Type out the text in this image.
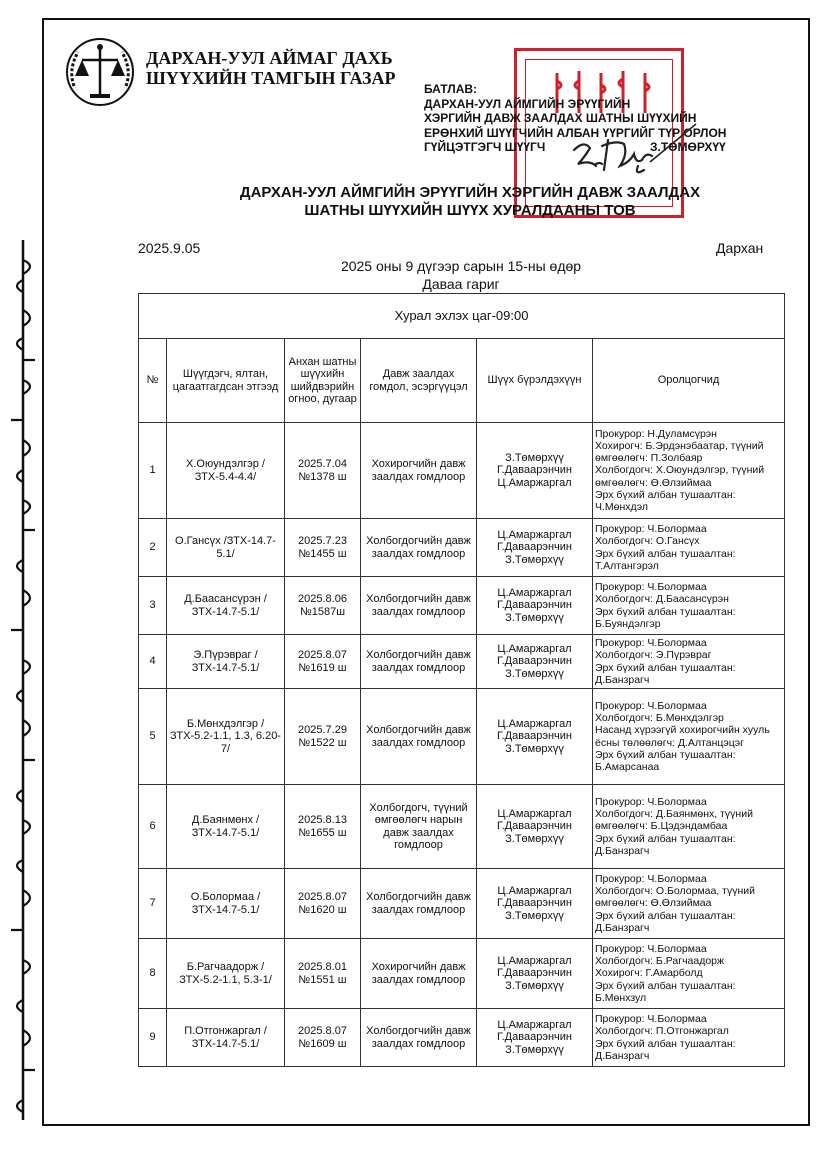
ДАРХАН-УУЛ АЙМАГ ДАХЬ
ШҮҮХИЙН ТАМГЫН ГАЗАР
БАТЛАВ:
ДАРХАН-УУЛ АЙМГИЙН ЭРҮҮГИЙН
ХЭРГИЙН ДАВЖ ЗААЛДАХ ШАТНЫ ШҮҮХИЙН
ЕРӨНХИЙ ШҮҮГЧИЙН АЛБАН ҮҮРГИЙГ ТҮР ОРЛОН
ГҮЙЦЭТГЭГЧ ШҮҮГЧ	З.ТӨМӨРХҮҮ
ДАРХАН-УУЛ АЙМГИЙН ЭРҮҮГИЙН ХЭРГИЙН ДАВЖ ЗААЛДАХ
ШАТНЫ ШҮҮХИЙН ШҮҮХ ХУРАЛДААНЫ ТОВ
2025.9.05	Дархан
2025 оны 9 дүгээр сарын 15-ны өдөр
Даваа гариг
Хурал эхлэх цаг-09:00					
№	Шүүгдэгч, ялтан, цагаатгагдсан этгээд	Анхан шатны шүүхийн шийдвэрийн огноо, дугаар	Давж заалдах гомдол, эсэргүүцэл	Шүүх бүрэлдэхүүн	Оролцогчид
1	Х.Оюундэлгэр /ЗТХ-5.4-4.4/	2025.7.04 №1378 ш	Хохирогчийн давж заалдах гомдлоор	З.Төмөрхүү Г.Даваарэнчин Ц.Амаржаргал	Прокурор: Н.Дуламсүрэн
Хохирогч: Б.Эрдэнэбаатар, түүний өмгөөлөгч: П.Золбаяр
Холбогдогч: Х.Оюундэлгэр, түүний өмгөөлөгч: Ө.Өлзиймаа
Эрх бүхий албан тушаалтан: Ч.Мөнхдэл

2	О.Гансүх /ЗТХ-14.7-5.1/	2025.7.23 №1455 ш	Холбогдогчийн давж заалдах гомдлоор	Ц.Амаржаргал Г.Даваарэнчин З.Төмөрхүү	Прокурор: Ч.Болормаа
Холбогдогч: О.Гансүх
Эрх бүхий албан тушаалтан: Т.Алтангэрэл

3	Д.Баасансүрэн /ЗТХ-14.7-5.1/	2025.8.06 №1587ш	Холбогдогчийн давж заалдах гомдлоор	Ц.Амаржаргал Г.Даваарэнчин З.Төмөрхүү	Прокурор: Ч.Болормаа
Холбогдогч: Д.Баасансүрэн
Эрх бүхий албан тушаалтан: Б.Буяндэлгэр

4	Э.Пүрэвраг /ЗТХ-14.7-5.1/	2025.8.07 №1619 ш	Холбогдогчийн давж заалдах гомдлоор	Ц.Амаржаргал Г.Даваарэнчин З.Төмөрхүү	Прокурор: Ч.Болормаа
Холбогдогч: Э.Пүрэвраг
Эрх бүхий албан тушаалтан: Д.Банзрагч

5	Б.Мөнхдэлгэр /ЗТХ-5.2-1.1, 1.3, 6.20-7/	2025.7.29 №1522 ш	Холбогдогчийн давж заалдах гомдлоор	Ц.Амаржаргал Г.Даваарэнчин З.Төмөрхүү	Прокурор: Ч.Болормаа
Холбогдогч: Б.Мөнхдэлгэр
Насанд хүрээгүй хохирогчийн хууль ёсны төлөөлөгч: Д.Алтанцэцэг
Эрх бүхий албан тушаалтан: Б.Амарсанаа

6	Д.Баянмөнх /ЗТХ-14.7-5.1/	2025.8.13 №1655 ш	Холбогдогч, түүний өмгөөлөгч нарын давж заалдах гомдлоор	Ц.Амаржаргал Г.Даваарэнчин З.Төмөрхүү	Прокурор: Ч.Болормаа
Холбогдогч: Д.Баянмөнх, түүний өмгөөлөгч: Б.Цэдэндамбаа
Эрх бүхий албан тушаалтан: Д.Банзрагч

7	О.Болормаа /ЗТХ-14.7-5.1/	2025.8.07 №1620 ш	Холбогдогчийн давж заалдах гомдлоор	Ц.Амаржаргал Г.Даваарэнчин З.Төмөрхүү	Прокурор: Ч.Болормаа
Холбогдогч: О.Болормаа, түүний өмгөөлөгч: Ө.Өлзиймаа
Эрх бүхий албан тушаалтан: Д.Банзрагч

8	Б.Рагчаадорж /ЗТХ-5.2-1.1, 5.3-1/	2025.8.01 №1551 ш	Хохирогчийн давж заалдах гомдлоор	Ц.Амаржаргал Г.Даваарэнчин З.Төмөрхүү	Прокурор: Ч.Болормаа
Холбогдогч: Б.Рагчаадорж
Хохирогч: Г.Амарболд
Эрх бүхий албан тушаалтан: Б.Мөнхзул

9	П.Отгонжаргал /ЗТХ-14.7-5.1/	2025.8.07 №1609 ш	Холбогдогчийн давж заалдах гомдлоор	Ц.Амаржаргал Г.Даваарэнчин З.Төмөрхүү	Прокурор: Ч.Болормаа
Холбогдогч: П.Отгонжаргал
Эрх бүхий албан тушаалтан: Д.Банзрагч
